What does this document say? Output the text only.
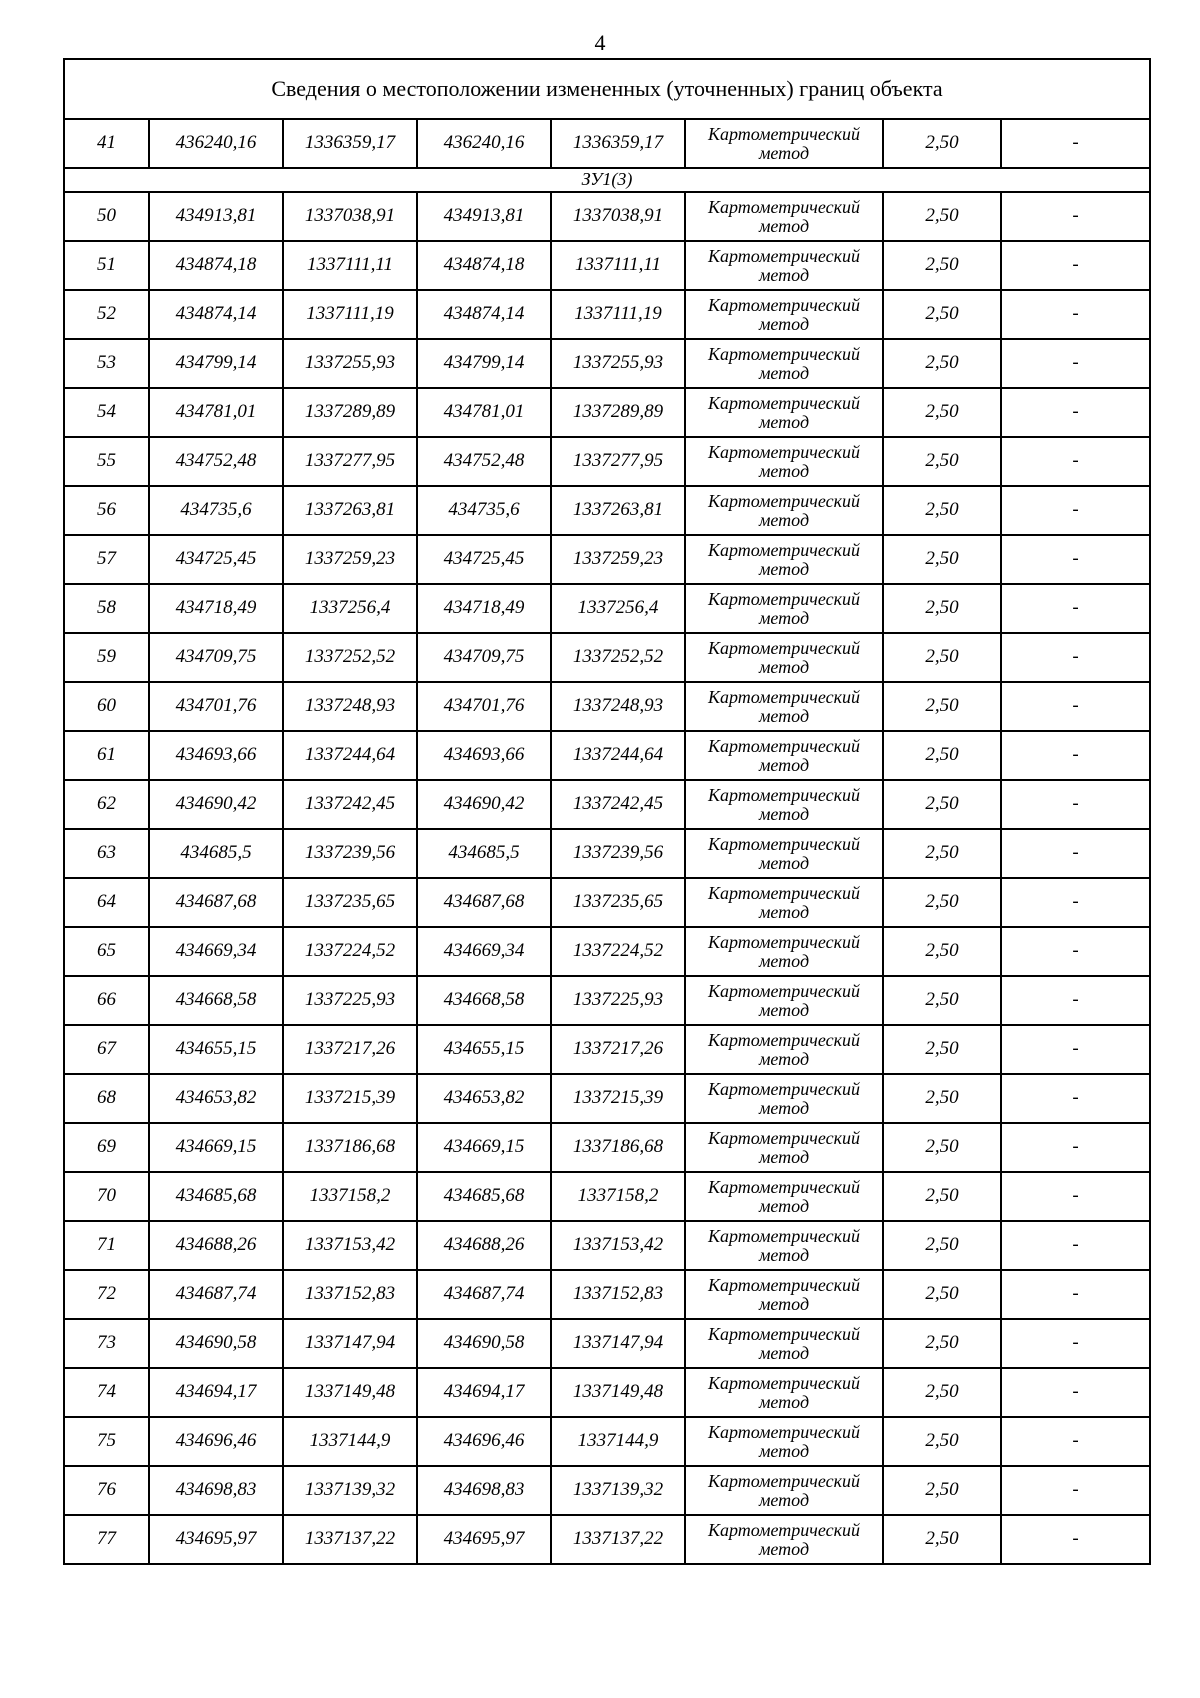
4
Сведения о местоположении измененных (уточненных) границ объекта							
41	436240,16	1336359,17	436240,16	1336359,17	Картометрический метод	2,50	-
ЗУ1(3)							
50	434913,81	1337038,91	434913,81	1337038,91	Картометрический метод	2,50	-
51	434874,18	1337111,11	434874,18	1337111,11	Картометрический метод	2,50	-
52	434874,14	1337111,19	434874,14	1337111,19	Картометрический метод	2,50	-
53	434799,14	1337255,93	434799,14	1337255,93	Картометрический метод	2,50	-
54	434781,01	1337289,89	434781,01	1337289,89	Картометрический метод	2,50	-
55	434752,48	1337277,95	434752,48	1337277,95	Картометрический метод	2,50	-
56	434735,6	1337263,81	434735,6	1337263,81	Картометрический метод	2,50	-
57	434725,45	1337259,23	434725,45	1337259,23	Картометрический метод	2,50	-
58	434718,49	1337256,4	434718,49	1337256,4	Картометрический метод	2,50	-
59	434709,75	1337252,52	434709,75	1337252,52	Картометрический метод	2,50	-
60	434701,76	1337248,93	434701,76	1337248,93	Картометрический метод	2,50	-
61	434693,66	1337244,64	434693,66	1337244,64	Картометрический метод	2,50	-
62	434690,42	1337242,45	434690,42	1337242,45	Картометрический метод	2,50	-
63	434685,5	1337239,56	434685,5	1337239,56	Картометрический метод	2,50	-
64	434687,68	1337235,65	434687,68	1337235,65	Картометрический метод	2,50	-
65	434669,34	1337224,52	434669,34	1337224,52	Картометрический метод	2,50	-
66	434668,58	1337225,93	434668,58	1337225,93	Картометрический метод	2,50	-
67	434655,15	1337217,26	434655,15	1337217,26	Картометрический метод	2,50	-
68	434653,82	1337215,39	434653,82	1337215,39	Картометрический метод	2,50	-
69	434669,15	1337186,68	434669,15	1337186,68	Картометрический метод	2,50	-
70	434685,68	1337158,2	434685,68	1337158,2	Картометрический метод	2,50	-
71	434688,26	1337153,42	434688,26	1337153,42	Картометрический метод	2,50	-
72	434687,74	1337152,83	434687,74	1337152,83	Картометрический метод	2,50	-
73	434690,58	1337147,94	434690,58	1337147,94	Картометрический метод	2,50	-
74	434694,17	1337149,48	434694,17	1337149,48	Картометрический метод	2,50	-
75	434696,46	1337144,9	434696,46	1337144,9	Картометрический метод	2,50	-
76	434698,83	1337139,32	434698,83	1337139,32	Картометрический метод	2,50	-
77	434695,97	1337137,22	434695,97	1337137,22	Картометрический метод	2,50	-
